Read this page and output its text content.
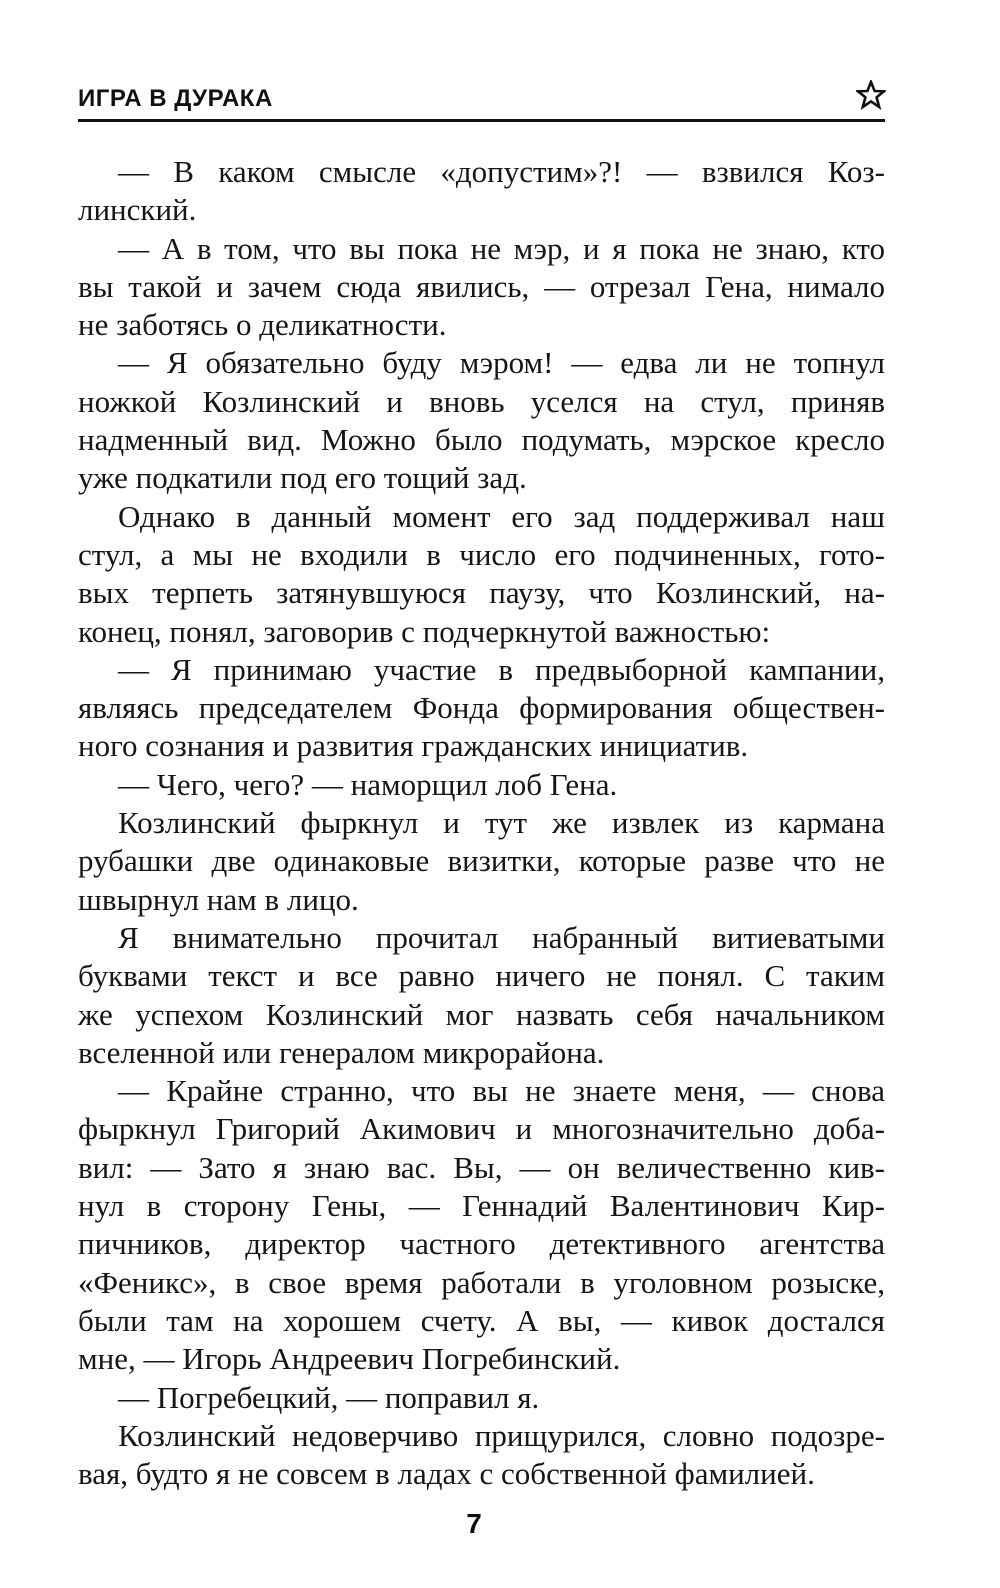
ИГРА В ДУРАКА
— В каком смысле «допустим»?! — взвился Коз-
линский.
— А в том, что вы пока не мэр, и я пока не знаю, кто
вы такой и зачем сюда явились, — отрезал Гена, нимало
не заботясь о деликатности.
— Я обязательно буду мэром! — едва ли не топнул
ножкой Козлинский и вновь уселся на стул, приняв
надменный вид. Можно было подумать, мэрское кресло
уже подкатили под его тощий зад.
Однако в данный момент его зад поддерживал наш
стул, а мы не входили в число его подчиненных, гото-
вых терпеть затянувшуюся паузу, что Козлинский, на-
конец, понял, заговорив с подчеркнутой важностью:
— Я принимаю участие в предвыборной кампании,
являясь председателем Фонда формирования обществен-
ного сознания и развития гражданских инициатив.
— Чего, чего? — наморщил лоб Гена.
Козлинский фыркнул и тут же извлек из кармана
рубашки две одинаковые визитки, которые разве что не
швырнул нам в лицо.
Я внимательно прочитал набранный витиеватыми
буквами текст и все равно ничего не понял. С таким
же успехом Козлинский мог назвать себя начальником
вселенной или генералом микрорайона.
— Крайне странно, что вы не знаете меня, — снова
фыркнул Григорий Акимович и многозначительно доба-
вил: — Зато я знаю вас. Вы, — он величественно кив-
нул в сторону Гены, — Геннадий Валентинович Кир-
пичников, директор частного детективного агентства
«Феникс», в свое время работали в уголовном розыске,
были там на хорошем счету. А вы, — кивок достался
мне, — Игорь Андреевич Погребинский.
— Погребецкий, — поправил я.
Козлинский недоверчиво прищурился, словно подозре-
вая, будто я не совсем в ладах с собственной фамилией.
7
